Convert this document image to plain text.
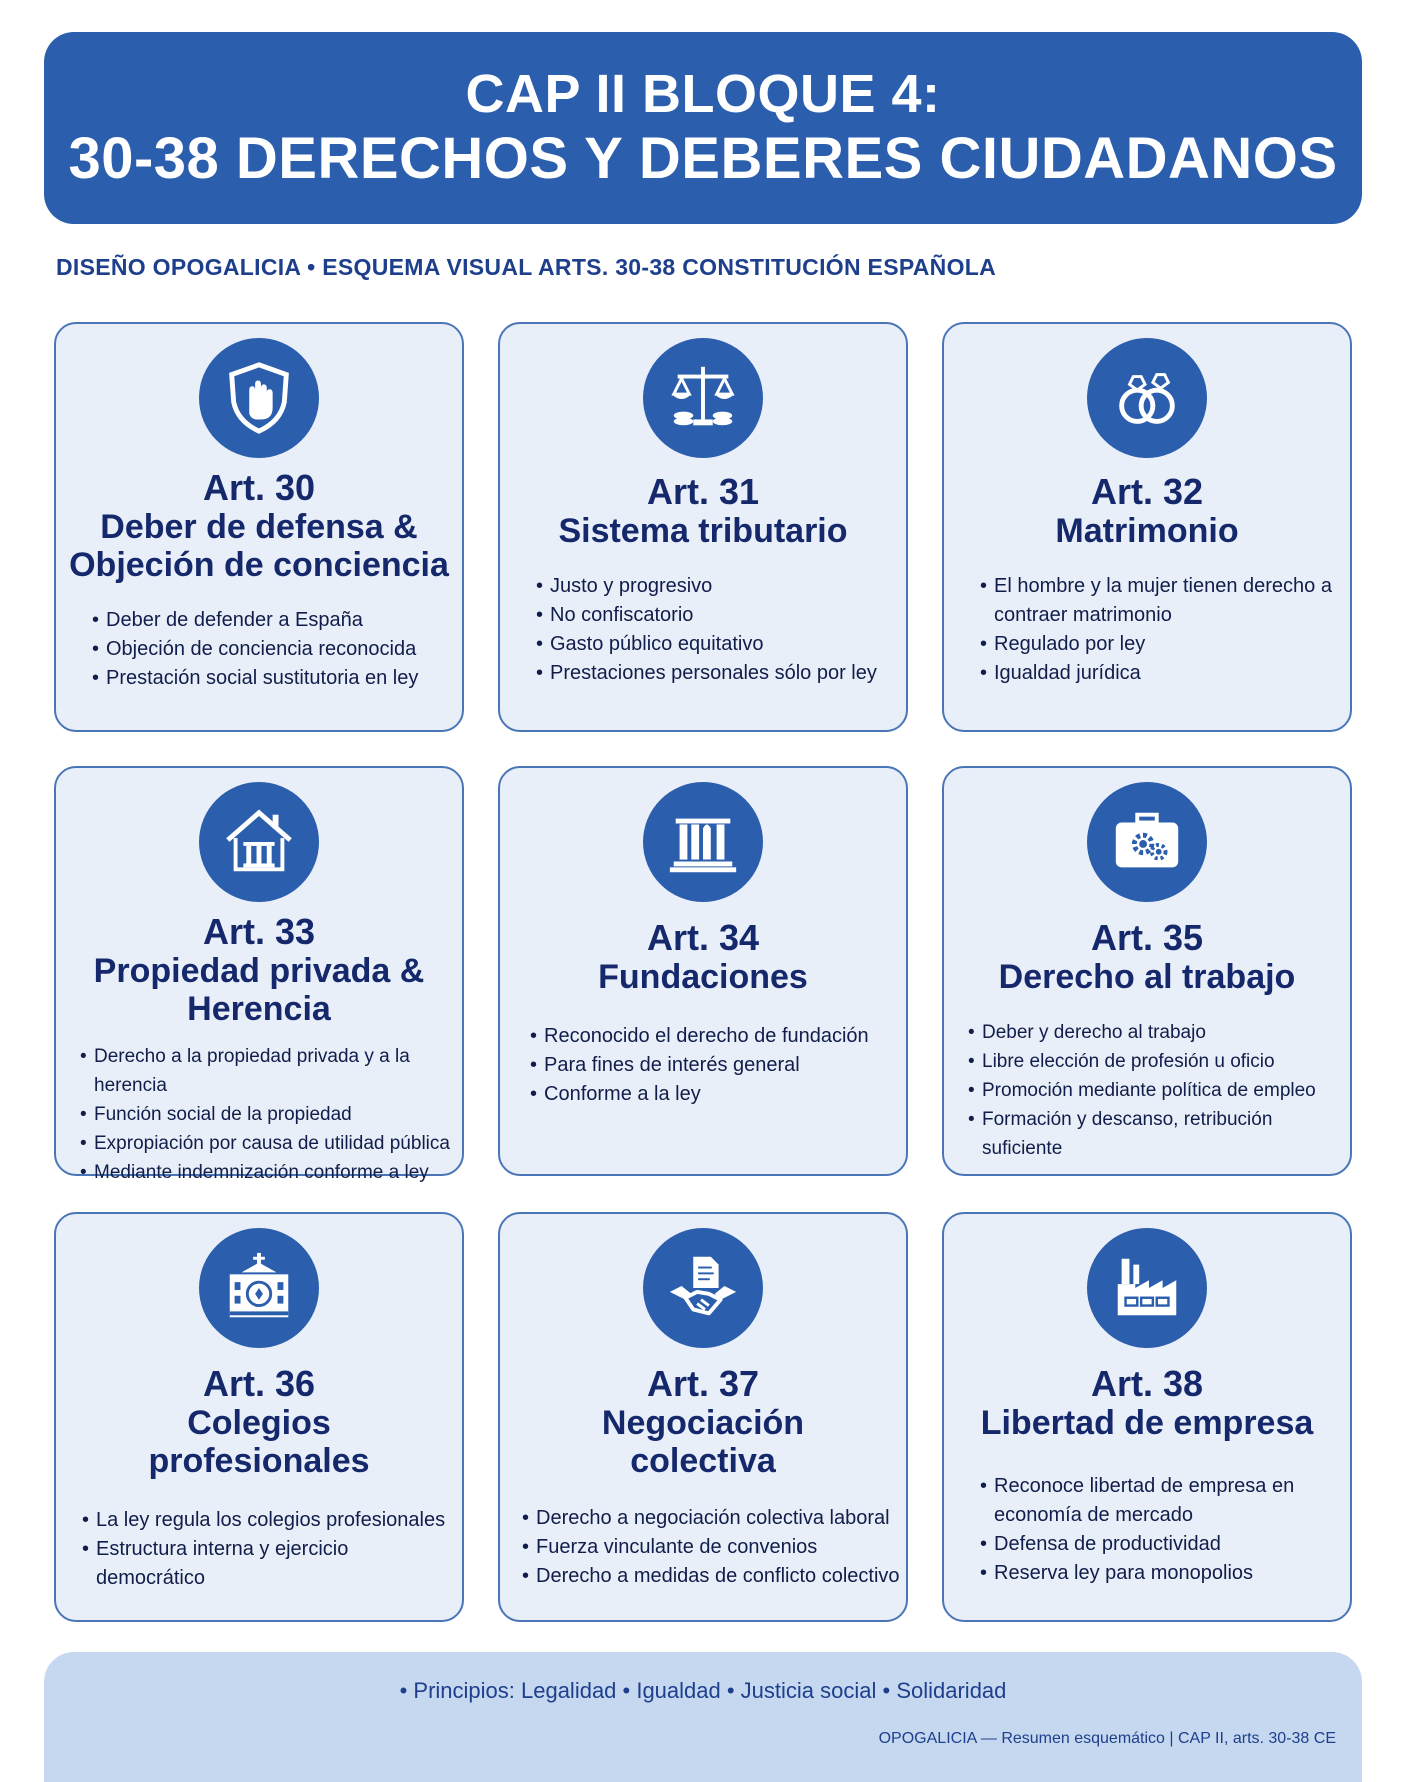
CAP II BLOQUE 4:
30-38 DERECHOS Y DEBERES CIUDADANOS
DISEÑO OPOGALICIA • ESQUEMA VISUAL ARTS. 30-38 CONSTITUCIÓN ESPAÑOLA
Art. 30
Deber de defensa & Objeción de conciencia
• Deber de defender a España
• Objeción de conciencia reconocida
• Prestación social sustitutoria en ley
Art. 31
Sistema tributario
• Justo y progresivo
• No confiscatorio
• Gasto público equitativo
• Prestaciones personales sólo por ley
Art. 32
Matrimonio
• El hombre y la mujer tienen derecho a contraer matrimonio
• Regulado por ley
• Igualdad jurídica
Art. 33
Propiedad privada & Herencia
• Derecho a la propiedad privada y a la herencia
• Función social de la propiedad
• Expropiación por causa de utilidad pública
• Mediante indemnización conforme a ley
Art. 34
Fundaciones
• Reconocido el derecho de fundación
• Para fines de interés general
• Conforme a la ley
Art. 35
Derecho al trabajo
• Deber y derecho al trabajo
• Libre elección de profesión u oficio
• Promoción mediante política de empleo
• Formación y descanso, retribución suficiente
Art. 36
Colegios profesionales
• La ley regula los colegios profesionales
• Estructura interna y ejercicio democrático
Art. 37
Negociación colectiva
• Derecho a negociación colectiva laboral
• Fuerza vinculante de convenios
• Derecho a medidas de conflicto colectivo
Art. 38
Libertad de empresa
• Reconoce libertad de empresa en economía de mercado
• Defensa de productividad
• Reserva ley para monopolios
• Principios: Legalidad • Igualdad • Justicia social • Solidaridad
OPOGALICIA — Resumen esquemático | CAP II, arts. 30-38 CE
